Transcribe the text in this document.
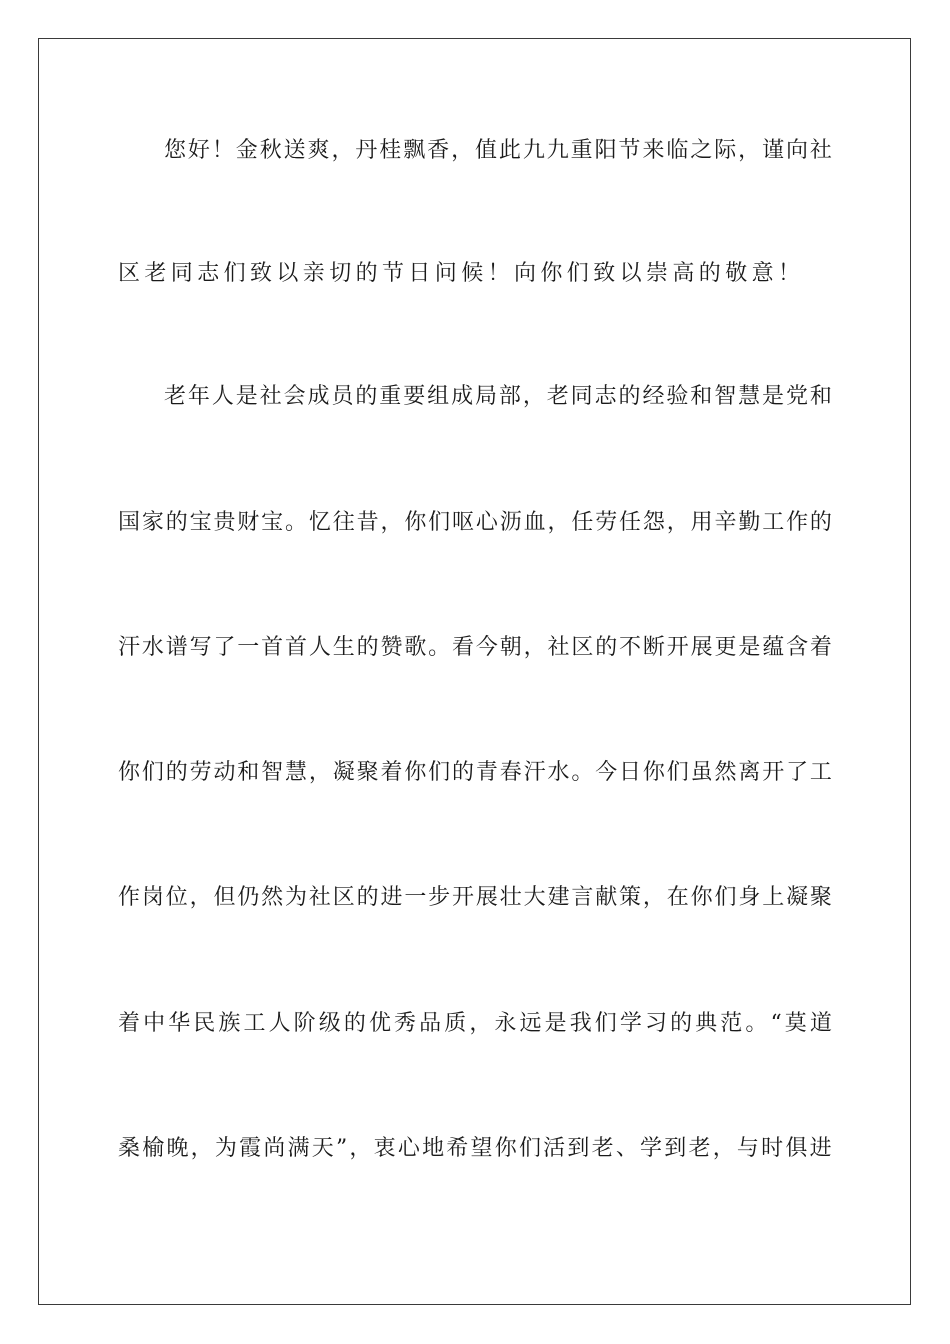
您 好 ！ 金 秋 送 爽 ， 丹 桂 飘 香 ， 值 此 九 九 重 阳 节 来 临 之 际 ， 谨 向 社
区老同志们致以亲切的节日问候！向你们致以崇高的敬意！
老 年 人 是 社 会 成 员 的 重 要 组 成 局 部 ， 老 同 志 的 经 验 和 智 慧 是 党 和
国 家 的 宝 贵 财 宝 。 忆 往 昔 ， 你 们 呕 心 沥 血 ， 任 劳 任 怨 ， 用 辛 勤 工 作 的
汗 水 谱 写 了 一 首 首 人 生 的 赞 歌 。 看 今 朝 ， 社 区 的 不 断 开 展 更 是 蕴 含 着
你 们 的 劳 动 和 智 慧 ， 凝 聚 着 你 们 的 青 春 汗 水 。 今 日 你 们 虽 然 离 开 了 工
作 岗 位 ， 但 仍 然 为 社 区 的 进 一 步 开 展 壮 大 建 言 献 策 ， 在 你 们 身 上 凝 聚
着 中 华 民 族 工 人 阶 级 的 优 秀 品 质 ， 永 远 是 我 们 学 习 的 典 范 。 “ 莫 道
桑 榆 晚 ， 为 霞 尚 满 天 ” ， 衷 心 地 希 望 你 们 活 到 老 、 学 到 老 ， 与 时 俱 进
